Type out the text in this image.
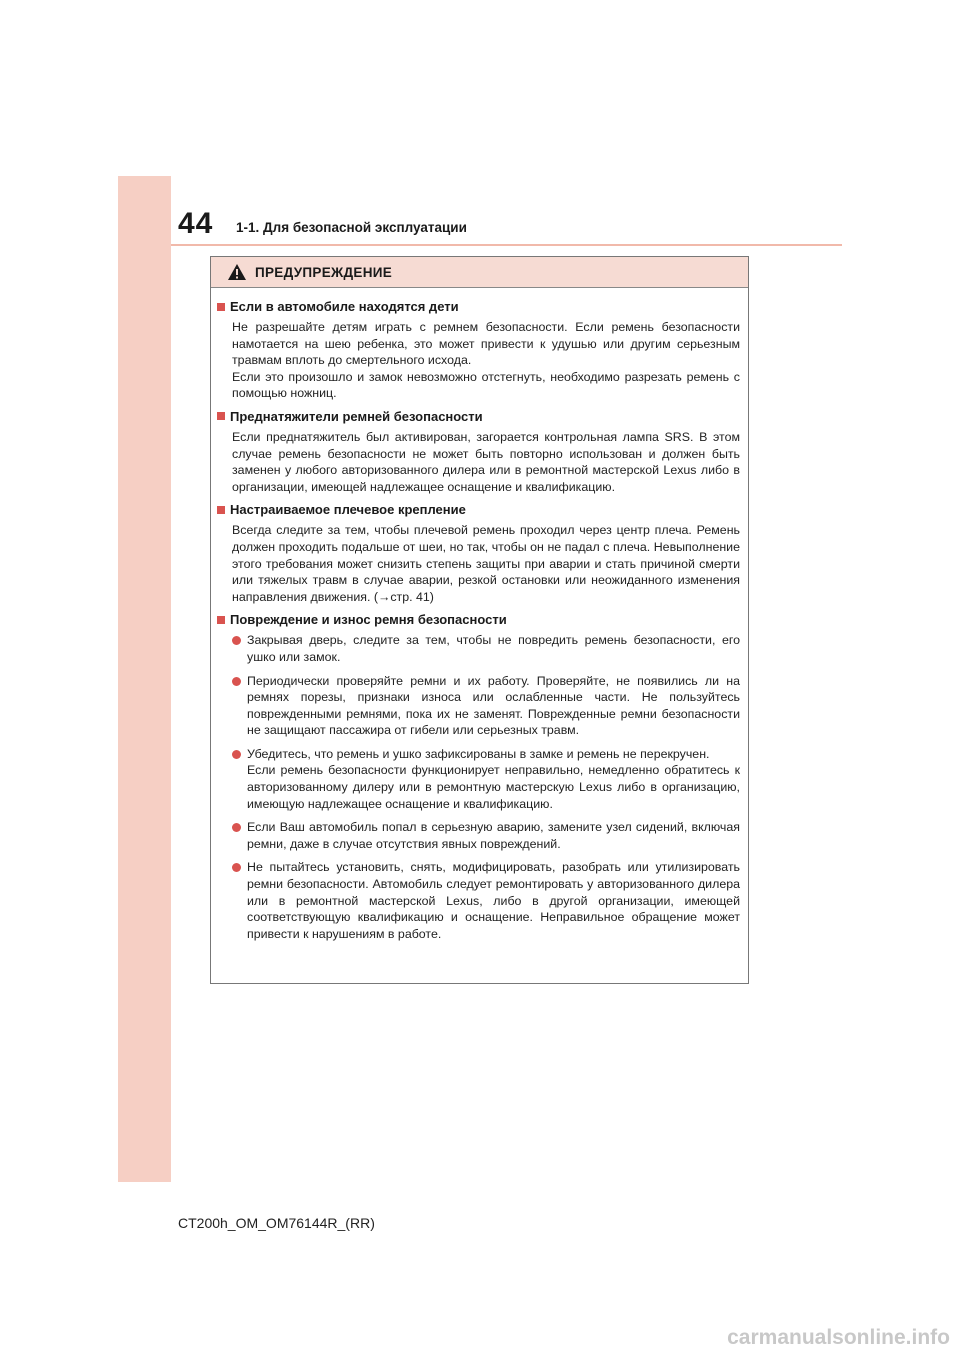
44 1-1. Для безопасной эксплуатации
ПРЕДУПРЕЖДЕНИЕ
Если в автомобиле находятся дети

Не разрешайте детям играть с ремнем безопасности. Если ремень безопасности намотается на шею ребенка, это может привести к удушью или другим серьезным травмам вплоть до смертельного исхода.

Если это произошло и замок невозможно отстегнуть, необходимо разрезать ремень с помощью ножниц.

Преднатяжители ремней безопасности

Если преднатяжитель был активирован, загорается контрольная лампа SRS. В этом случае ремень безопасности не может быть повторно использован и должен быть заменен у любого авторизованного дилера или в ремонтной мастерской Lexus либо в организации, имеющей надлежащее оснащение и квалификацию.

Настраиваемое плечевое крепление

Всегда следите за тем, чтобы плечевой ремень проходил через центр плеча. Ремень должен проходить подальше от шеи, но так, чтобы он не падал с плеча. Невыполнение этого требования может снизить степень защиты при аварии и стать причиной смерти или тяжелых травм в случае аварии, резкой остановки или неожиданного изменения направления движения. (→стр. 41)

Повреждение и износ ремня безопасности
Закрывая дверь, следите за тем, чтобы не повредить ремень безопасности, его ушко или замок.
Периодически проверяйте ремни и их работу. Проверяйте, не появились ли на ремнях порезы, признаки износа или ослабленные части. Не пользуйтесь поврежденными ремнями, пока их не заменят. Поврежденные ремни безопасности не защищают пассажира от гибели или серьезных травм.
Убедитесь, что ремень и ушко зафиксированы в замке и ремень не перекручен.
Если ремень безопасности функционирует неправильно, немедленно обратитесь к авторизованному дилеру или в ремонтную мастерскую Lexus либо в организацию, имеющую надлежащее оснащение и квалификацию.
Если Ваш автомобиль попал в серьезную аварию, замените узел сидений, включая ремни, даже в случае отсутствия явных повреждений.
Не пытайтесь установить, снять, модифицировать, разобрать или утилизировать ремни безопасности. Автомобиль следует ремонтировать у авторизованного дилера или в ремонтной мастерской Lexus, либо в другой организации, имеющей соответствующую квалификацию и оснащение. Неправильное обращение может привести к нарушениям в работе.
CT200h_OM_OM76144R_(RR)
carmanualsonline.info
